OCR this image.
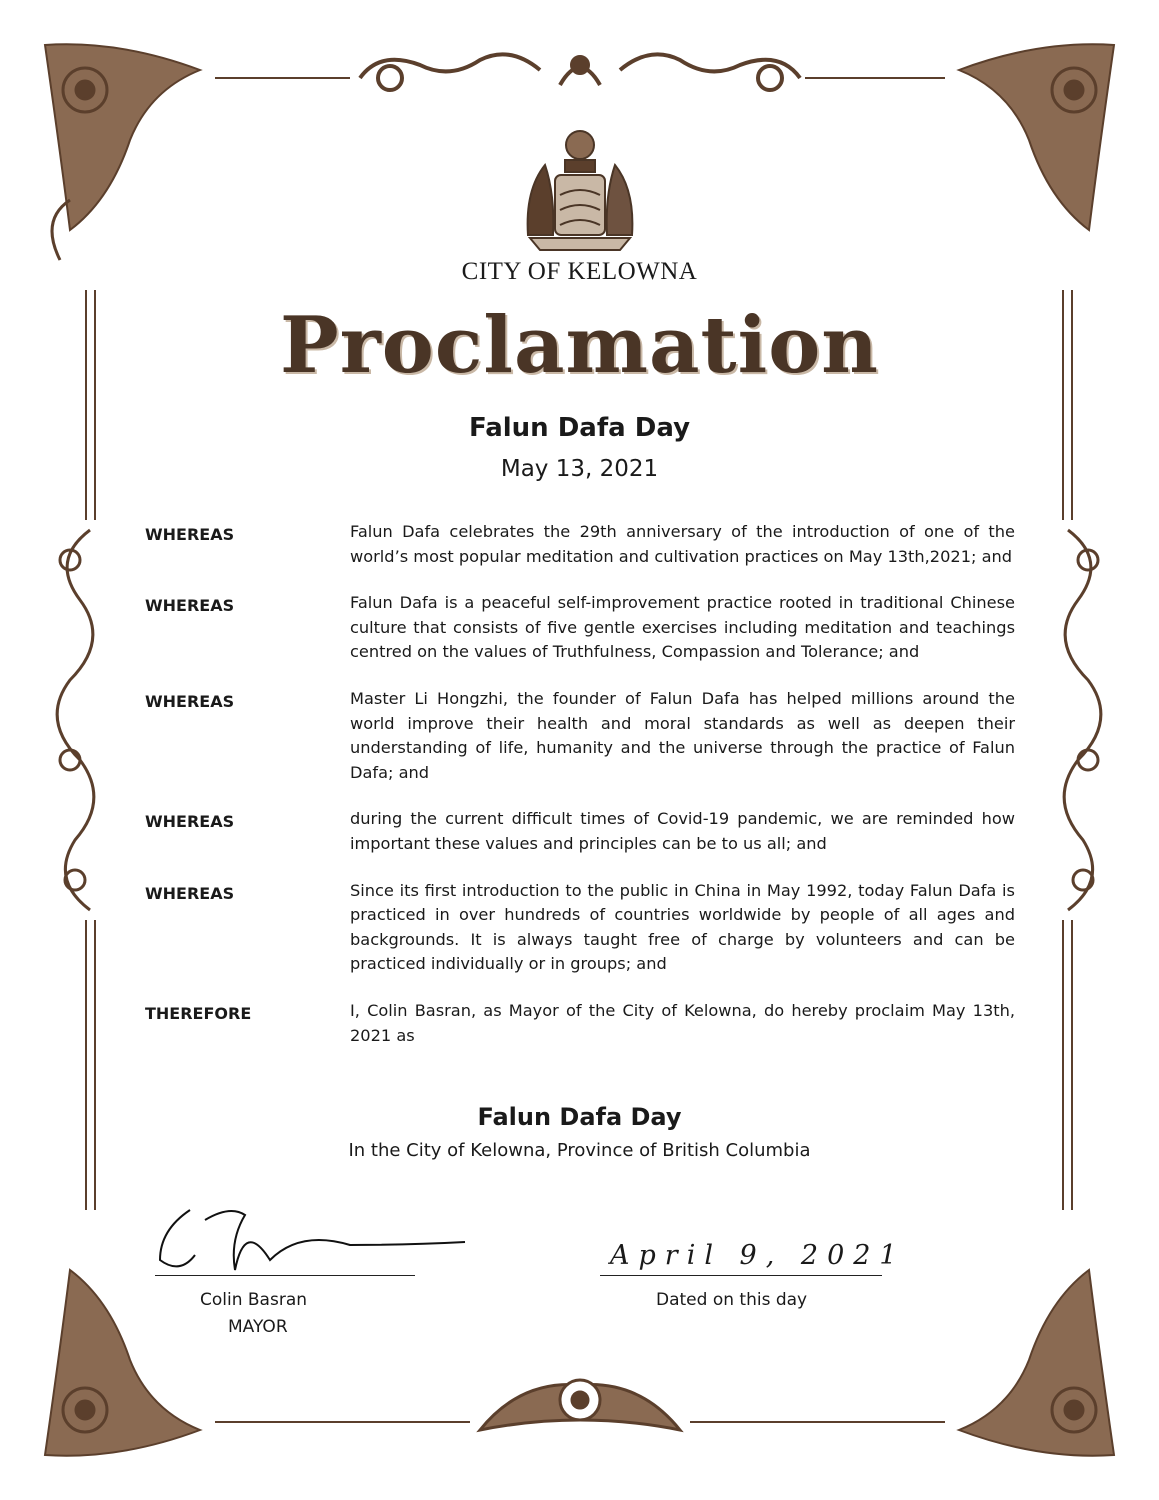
CITY OF KELOWNA
Proclamation
Falun Dafa Day
May 13, 2021
WHEREAS	Falun Dafa celebrates the 29th anniversary of the introduction of one of the world’s most popular meditation and cultivation practices on May 13th,2021; and
WHEREAS	Falun Dafa is a peaceful self-improvement practice rooted in traditional Chinese culture that consists of five gentle exercises including meditation and teachings centred on the values of Truthfulness, Compassion and Tolerance; and
WHEREAS	Master Li Hongzhi, the founder of Falun Dafa has helped millions around the world improve their health and moral standards as well as deepen their understanding of life, humanity and the universe through the practice of Falun Dafa; and
WHEREAS	during the current difficult times of Covid-19 pandemic, we are reminded how important these values and principles can be to us all; and
WHEREAS	Since its first introduction to the public in China in May 1992, today Falun Dafa is practiced in over hundreds of countries worldwide by people of all ages and backgrounds. It is always taught free of charge by volunteers and can be practiced individually or in groups; and
THEREFORE	I, Colin Basran, as Mayor of the City of Kelowna, do hereby proclaim May 13th, 2021 as
Falun Dafa Day
In the City of Kelowna, Province of British Columbia
Colin Basran
MAYOR
April 9, 2021
Dated on this day
